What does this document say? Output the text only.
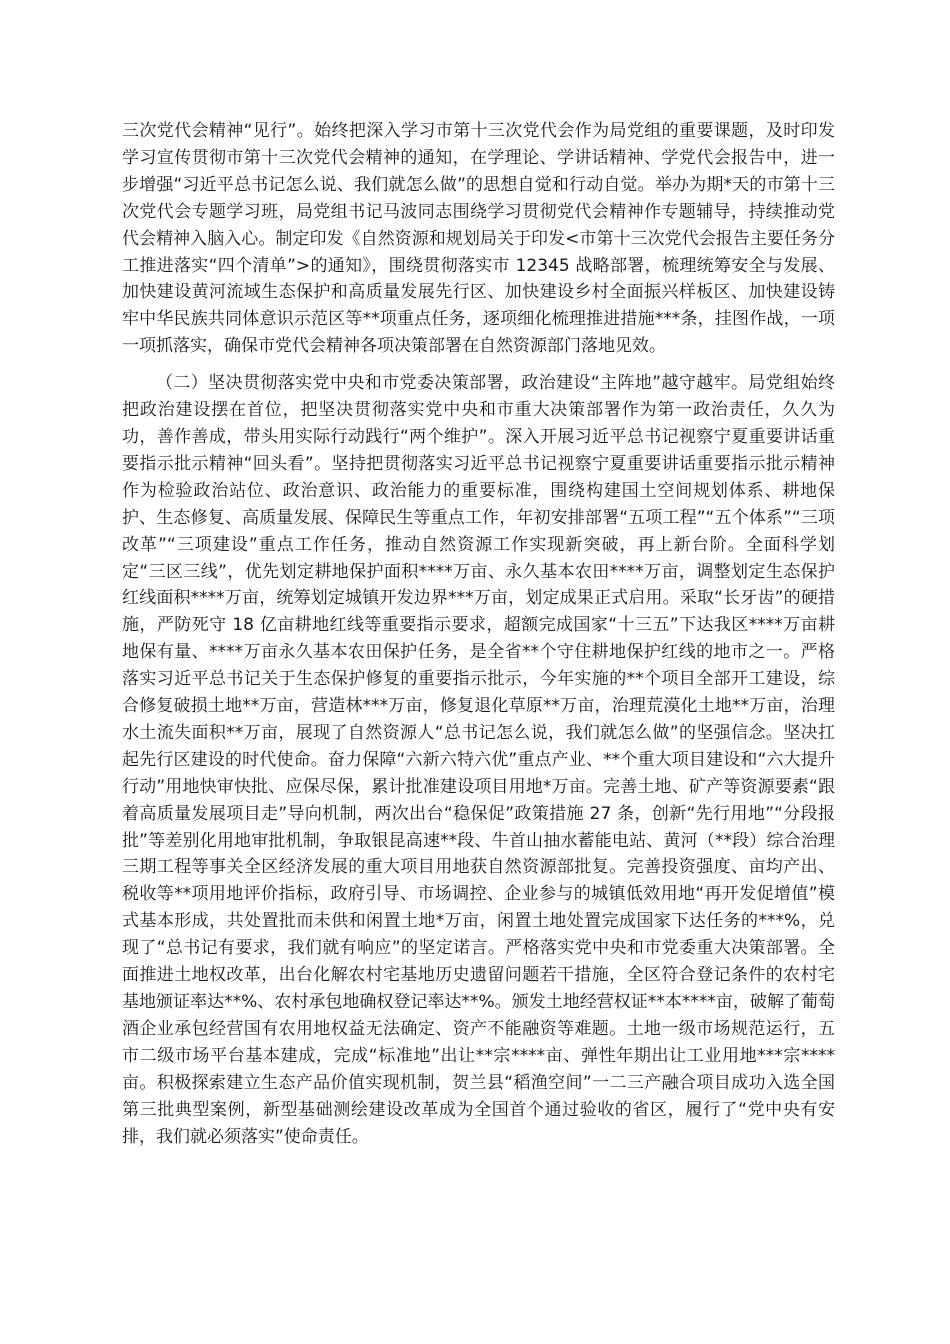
三次党代会精神“见行”。始终把深入学习市第十三次党代会作为局党组的重要课题，及时印发学习宣传贯彻市第十三次党代会精神的通知，在学理论、学讲话精神、学党代会报告中，进一步增强“习近平总书记怎么说、我们就怎么做”的思想自觉和行动自觉。举办为期*天的市第十三次党代会专题学习班，局党组书记马波同志围绕学习贯彻党代会精神作专题辅导，持续推动党代会精神入脑入心。制定印发《自然资源和规划局关于印发<市第十三次党代会报告主要任务分工推进落实“四个清单”>的通知》，围绕贯彻落实市 12345 战略部署，梳理统筹安全与发展、加快建设黄河流域生态保护和高质量发展先行区、加快建设乡村全面振兴样板区、加快建设铸牢中华民族共同体意识示范区等**项重点任务，逐项细化梳理推进措施***条，挂图作战，一项一项抓落实，确保市党代会精神各项决策部署在自然资源部门落地见效。

（二）坚决贯彻落实党中央和市党委决策部署，政治建设“主阵地”越守越牢。局党组始终把政治建设摆在首位，把坚决贯彻落实党中央和市重大决策部署作为第一政治责任，久久为功，善作善成，带头用实际行动践行“两个维护”。深入开展习近平总书记视察宁夏重要讲话重要指示批示精神“回头看”。坚持把贯彻落实习近平总书记视察宁夏重要讲话重要指示批示精神作为检验政治站位、政治意识、政治能力的重要标准，围绕构建国土空间规划体系、耕地保护、生态修复、高质量发展、保障民生等重点工作，年初安排部署“五项工程”“五个体系”“三项改革”“三项建设”重点工作任务，推动自然资源工作实现新突破，再上新台阶。全面科学划定“三区三线”，优先划定耕地保护面积****万亩、永久基本农田****万亩，调整划定生态保护红线面积****万亩，统筹划定城镇开发边界***万亩，划定成果正式启用。采取“长牙齿”的硬措施，严防死守 18 亿亩耕地红线等重要指示要求，超额完成国家“十三五”下达我区****万亩耕地保有量、****万亩永久基本农田保护任务，是全省**个守住耕地保护红线的地市之一。严格落实习近平总书记关于生态保护修复的重要指示批示，今年实施的**个项目全部开工建设，综合修复破损土地**万亩，营造林***万亩，修复退化草原**万亩，治理荒漠化土地**万亩，治理水土流失面积**万亩，展现了自然资源人“总书记怎么说，我们就怎么做”的坚强信念。坚决扛起先行区建设的时代使命。奋力保障“六新六特六优”重点产业、**个重大项目建设和“六大提升行动”用地快审快批、应保尽保，累计批准建设项目用地*万亩。完善土地、矿产等资源要素“跟着高质量发展项目走”导向机制，两次出台“稳保促”政策措施 27 条，创新“先行用地”“分段报批”等差别化用地审批机制，争取银昆高速**段、牛首山抽水蓄能电站、黄河（**段）综合治理三期工程等事关全区经济发展的重大项目用地获自然资源部批复。完善投资强度、亩均产出、税收等**项用地评价指标，政府引导、市场调控、企业参与的城镇低效用地“再开发促增值”模式基本形成，共处置批而未供和闲置土地*万亩，闲置土地处置完成国家下达任务的***%，兑现了“总书记有要求，我们就有响应”的坚定诺言。严格落实党中央和市党委重大决策部署。全面推进土地权改革，出台化解农村宅基地历史遗留问题若干措施，全区符合登记条件的农村宅基地颁证率达**%、农村承包地确权登记率达**%。颁发土地经营权证**本****亩，破解了葡萄酒企业承包经营国有农用地权益无法确定、资产不能融资等难题。土地一级市场规范运行，五市二级市场平台基本建成，完成“标准地”出让**宗****亩、弹性年期出让工业用地***宗****亩。积极探索建立生态产品价值实现机制，贺兰县“稻渔空间”一二三产融合项目成功入选全国第三批典型案例，新型基础测绘建设改革成为全国首个通过验收的省区，履行了“党中央有安排，我们就必须落实”使命责任。
